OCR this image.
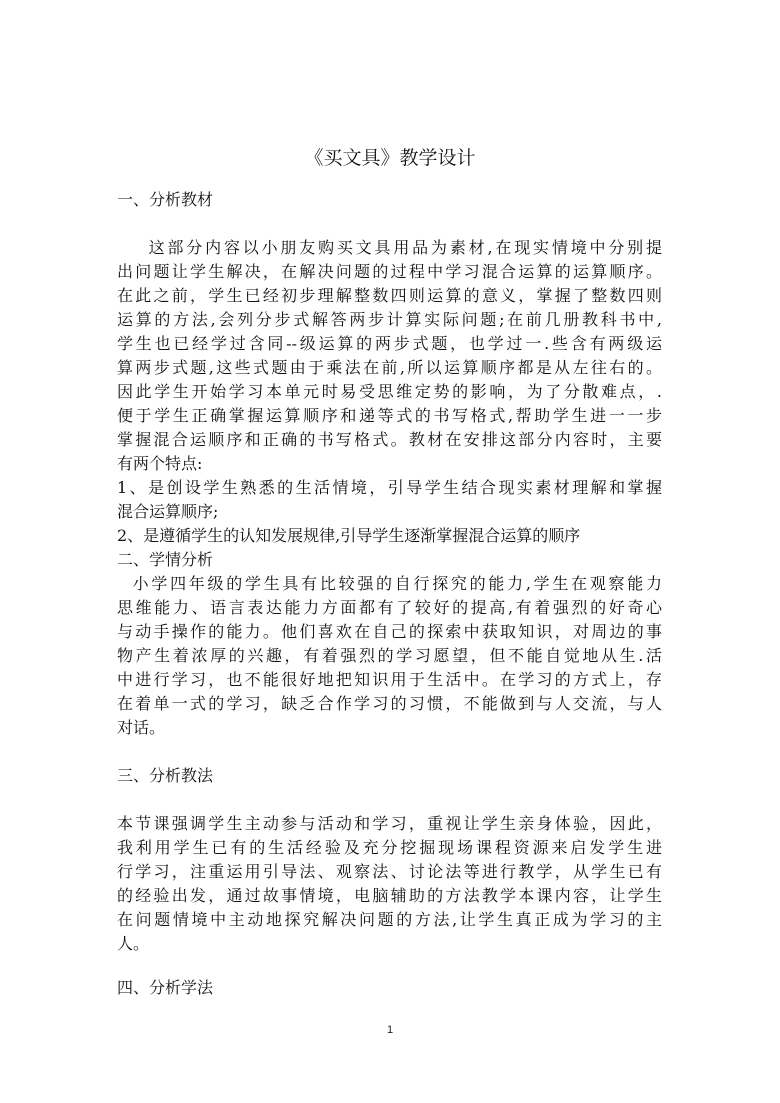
《买文具》教学设计
一、分析教材
这部分内容以小朋友购买文具用品为素材,在现实情境中分别提
出问题让学生解决，在解决问题的过程中学习混合运算的运算顺序。
在此之前，学生已经初步理解整数四则运算的意义，掌握了整数四则
运算的方法,会列分步式解答两步计算实际问题;在前几册教科书中,
学生也已经学过含同--级运算的两步式题，也学过一.些含有两级运
算两步式题,这些式题由于乘法在前,所以运算顺序都是从左往右的。
因此学生开始学习本单元时易受思维定势的影响，为了分散难点，.
便于学生正确掌握运算顺序和递等式的书写格式,帮助学生进一一步
掌握混合运顺序和正确的书写格式。教材在安排这部分内容时，主要
有两个特点:
1、是创设学生熟悉的生活情境，引导学生结合现实素材理解和掌握
混合运算顺序;
2、是遵循学生的认知发展规律,引导学生逐渐掌握混合运算的顺序
二、学情分析
小学四年级的学生具有比较强的自行探究的能力,学生在观察能力
思维能力、语言表达能力方面都有了较好的提高,有着强烈的好奇心
与动手操作的能力。他们喜欢在自己的探索中获取知识，对周边的事
物产生着浓厚的兴趣，有着强烈的学习愿望，但不能自觉地从生.活
中进行学习，也不能很好地把知识用于生活中。在学习的方式上，存
在着单一式的学习，缺乏合作学习的习惯，不能做到与人交流，与人
对话。
三、分析教法
本节课强调学生主动参与活动和学习，重视让学生亲身体验，因此，
我利用学生已有的生活经验及充分挖掘现场课程资源来启发学生进
行学习，注重运用引导法、观察法、讨论法等进行教学，从学生已有
的经验出发，通过故事情境，电脑辅助的方法教学本课内容，让学生
在问题情境中主动地探究解决问题的方法,让学生真正成为学习的主
人。
四、分析学法
1
